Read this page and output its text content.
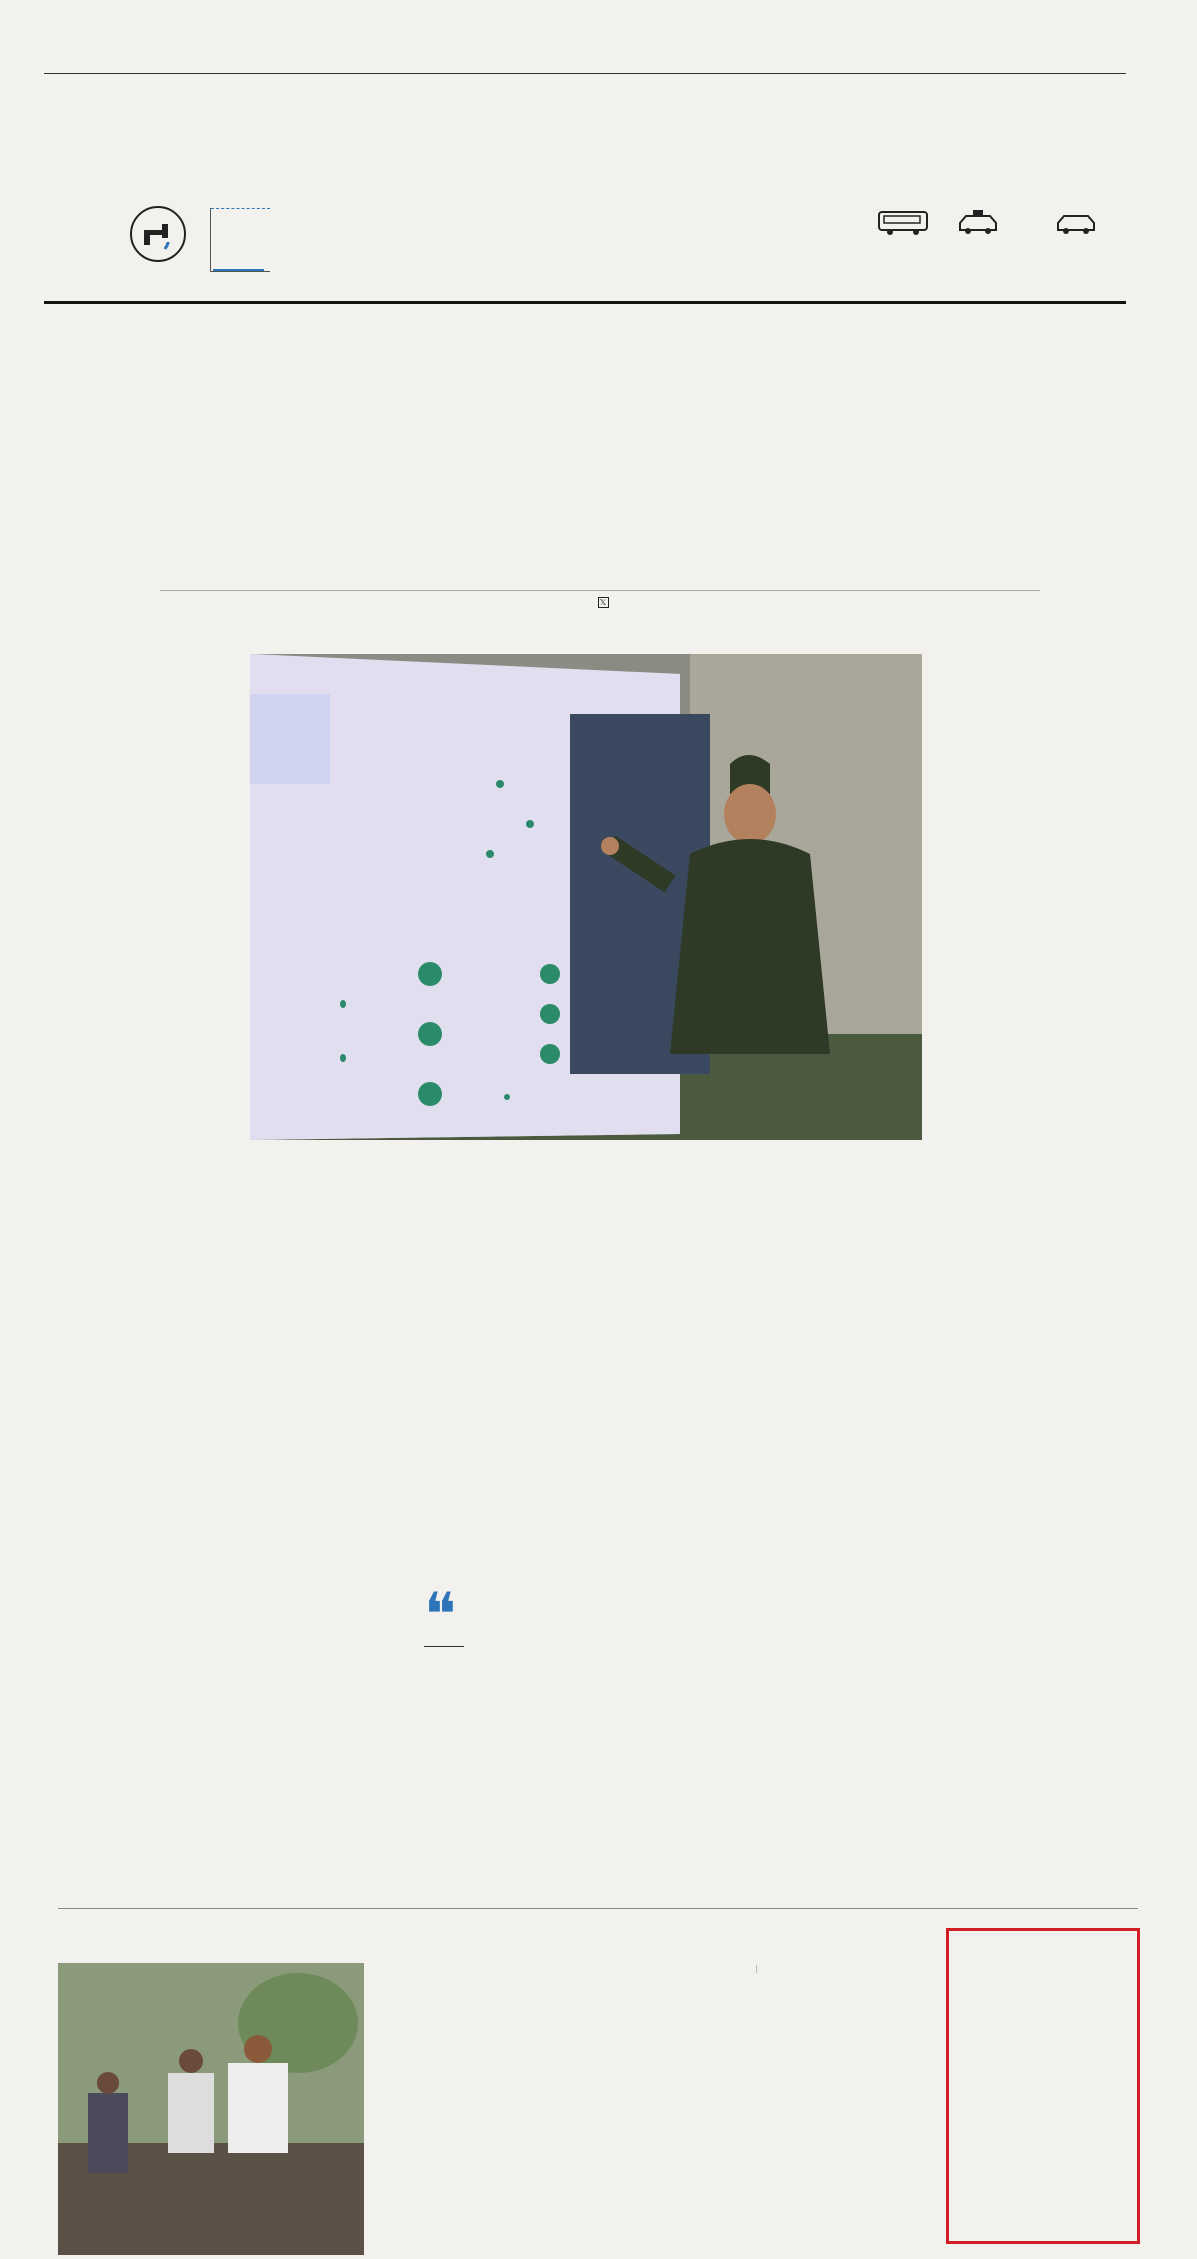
𝕏

❝
